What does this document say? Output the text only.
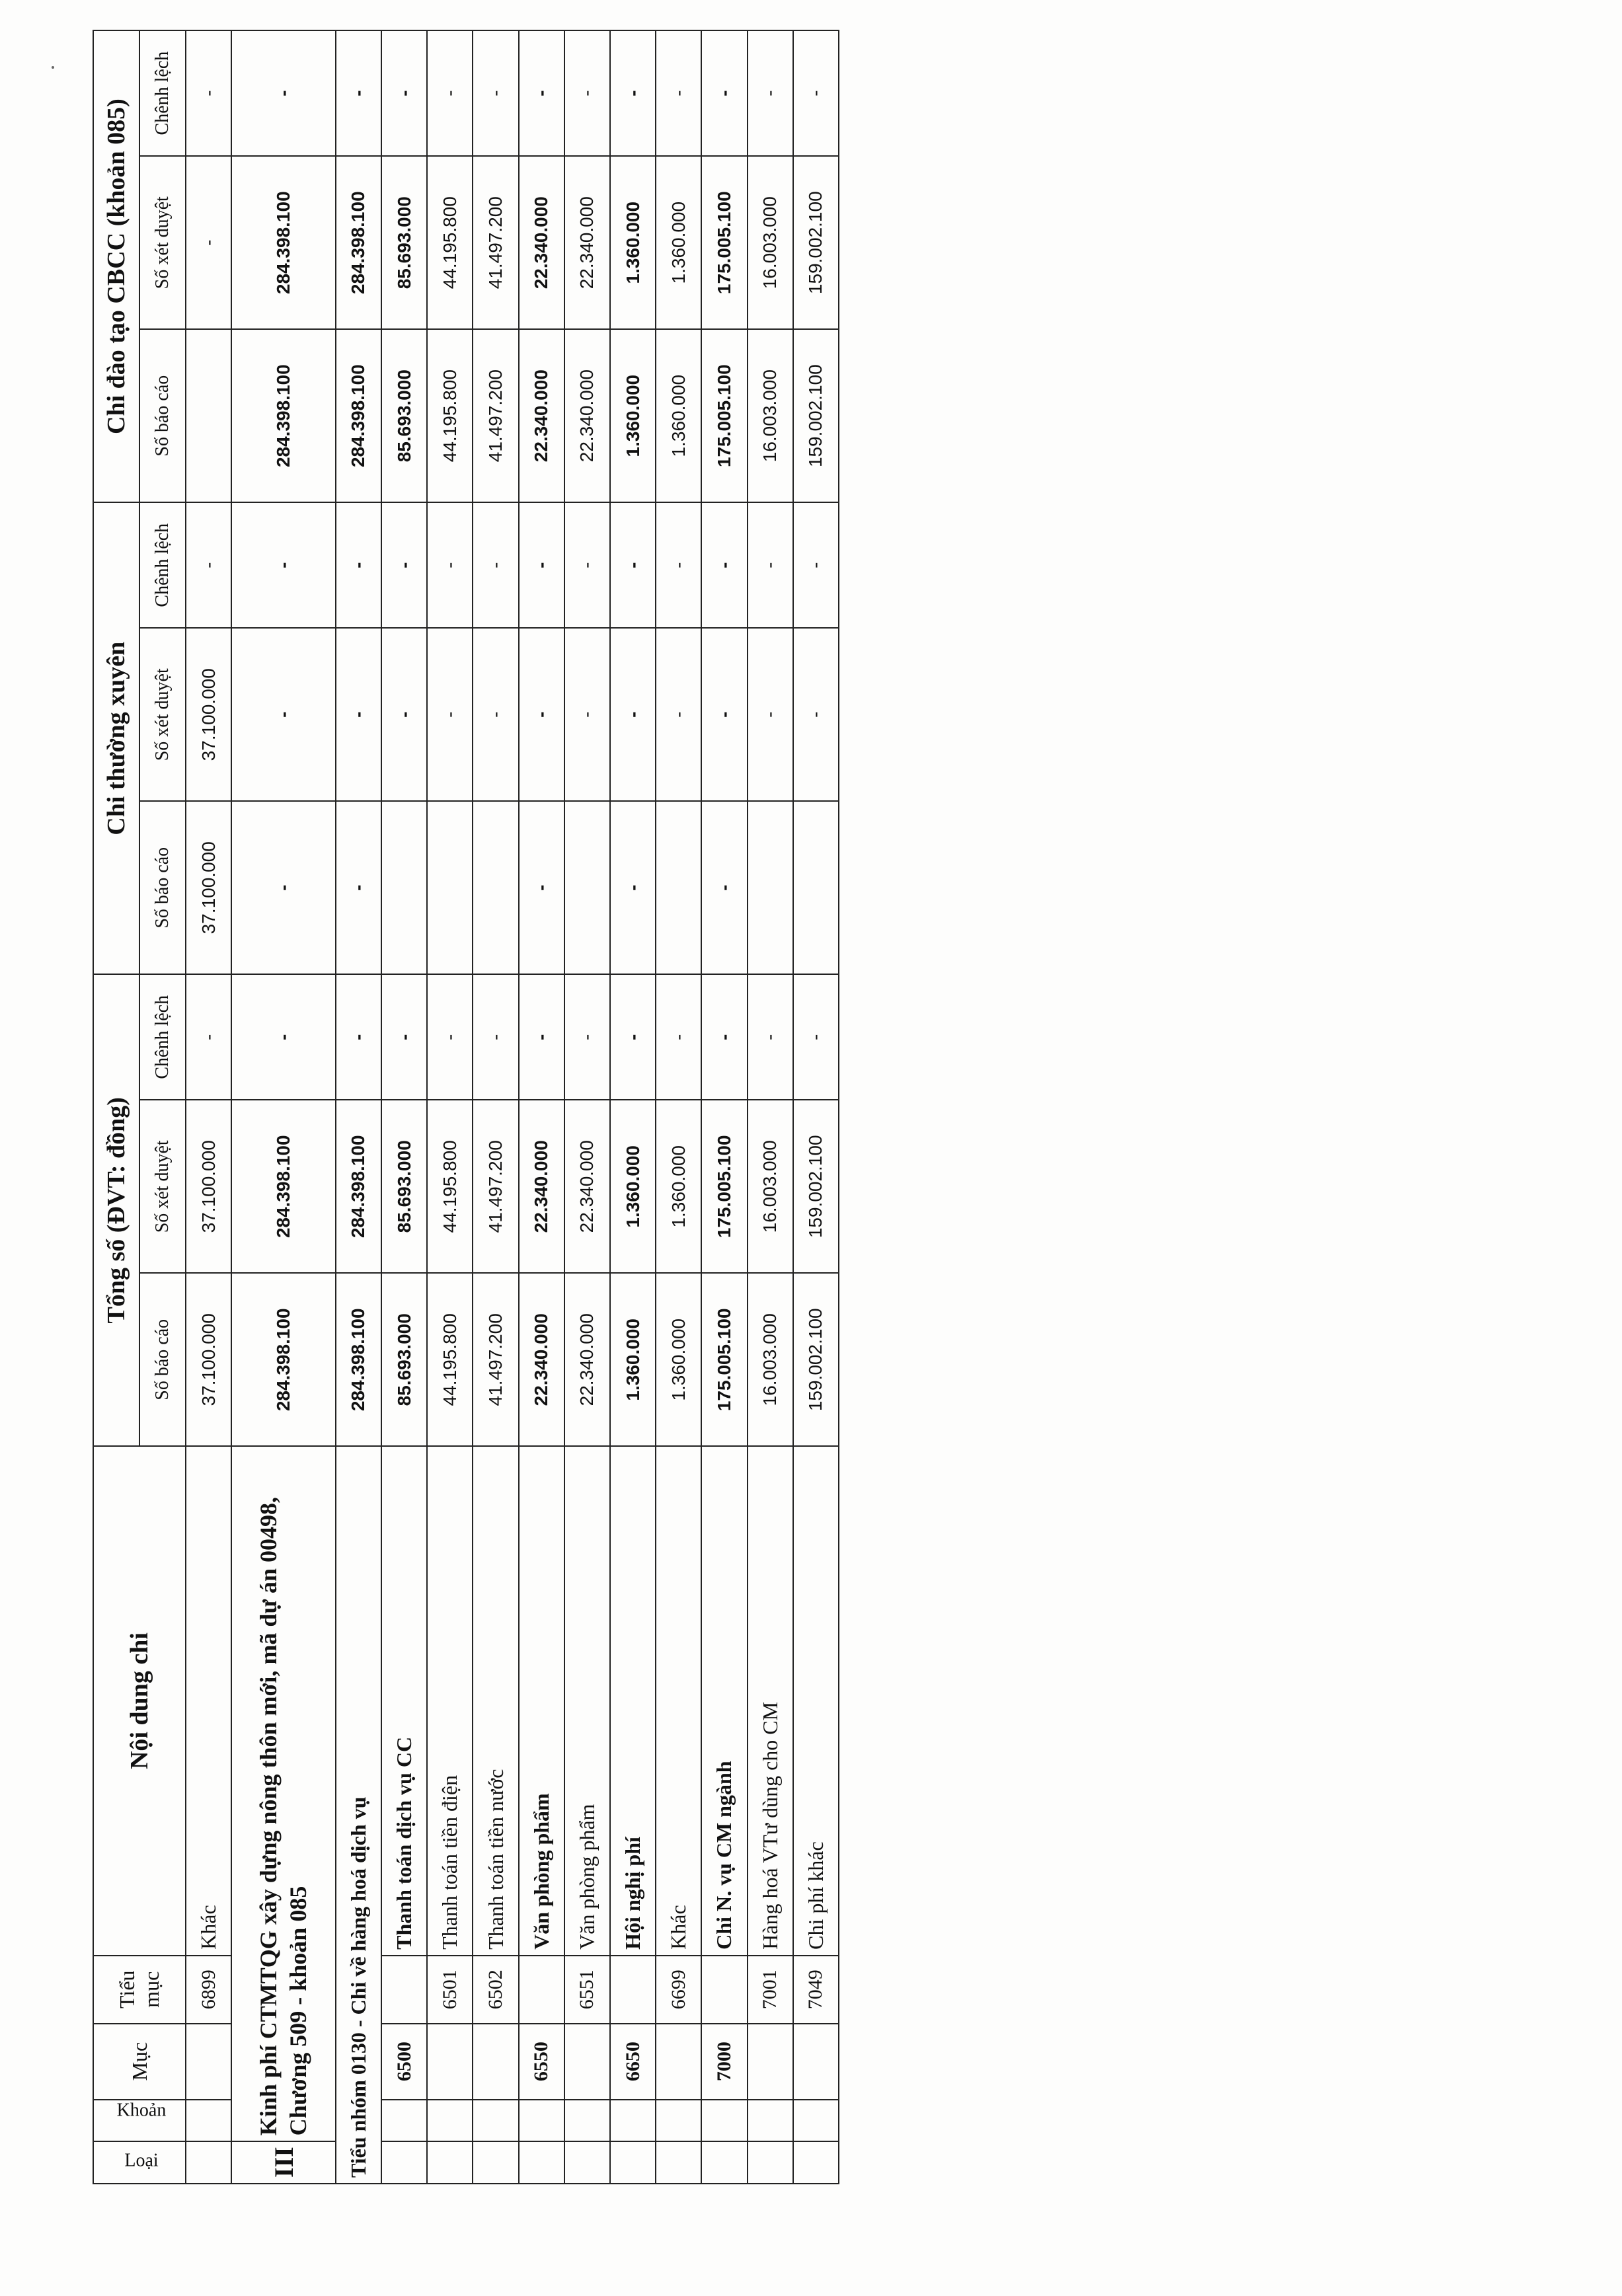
Loại	Khoản	Mục	Tiểu mục	Nội dung chi	Tổng số (ĐVT: đồng)			Chi thường xuyên			Chi đào tạo CBCC (khoản 085)		
					Số báo cáo	Số xét duyệt	Chênh lệch	Số báo cáo	Số xét duyệt	Chênh lệch	Số báo cáo	Số xét duyệt	Chênh lệch
			6899	Khác	37.100.000	37.100.000	-	37.100.000	37.100.000	-		-	-
III	Kinh phí CTMTQG xây dựng nông thôn mới, mã dự án 00498, Chương 509 - khoản 085				284.398.100	284.398.100	-	-	-	-	284.398.100	284.398.100	-
Tiểu nhóm 0130 - Chi về hàng hoá dịch vụ					284.398.100	284.398.100	-	-	-	-	284.398.100	284.398.100	-
		6500		Thanh toán dịch vụ CC	85.693.000	85.693.000	-		-	-	85.693.000	85.693.000	-
			6501	Thanh toán tiền điện	44.195.800	44.195.800	-		-	-	44.195.800	44.195.800	-
			6502	Thanh toán tiền nước	41.497.200	41.497.200	-		-	-	41.497.200	41.497.200	-
		6550		Văn phòng phẩm	22.340.000	22.340.000	-	-	-	-	22.340.000	22.340.000	-
			6551	Văn phòng phẩm	22.340.000	22.340.000	-		-	-	22.340.000	22.340.000	-
		6650		Hội nghị phí	1.360.000	1.360.000	-	-	-	-	1.360.000	1.360.000	-
			6699	Khác	1.360.000	1.360.000	-		-	-	1.360.000	1.360.000	-
		7000		Chi N. vụ CM ngành	175.005.100	175.005.100	-	-	-	-	175.005.100	175.005.100	-
			7001	Hàng hoá VTư dùng cho CM	16.003.000	16.003.000	-		-	-	16.003.000	16.003.000	-
			7049	Chi phí khác	159.002.100	159.002.100	-		-	-	159.002.100	159.002.100	-
